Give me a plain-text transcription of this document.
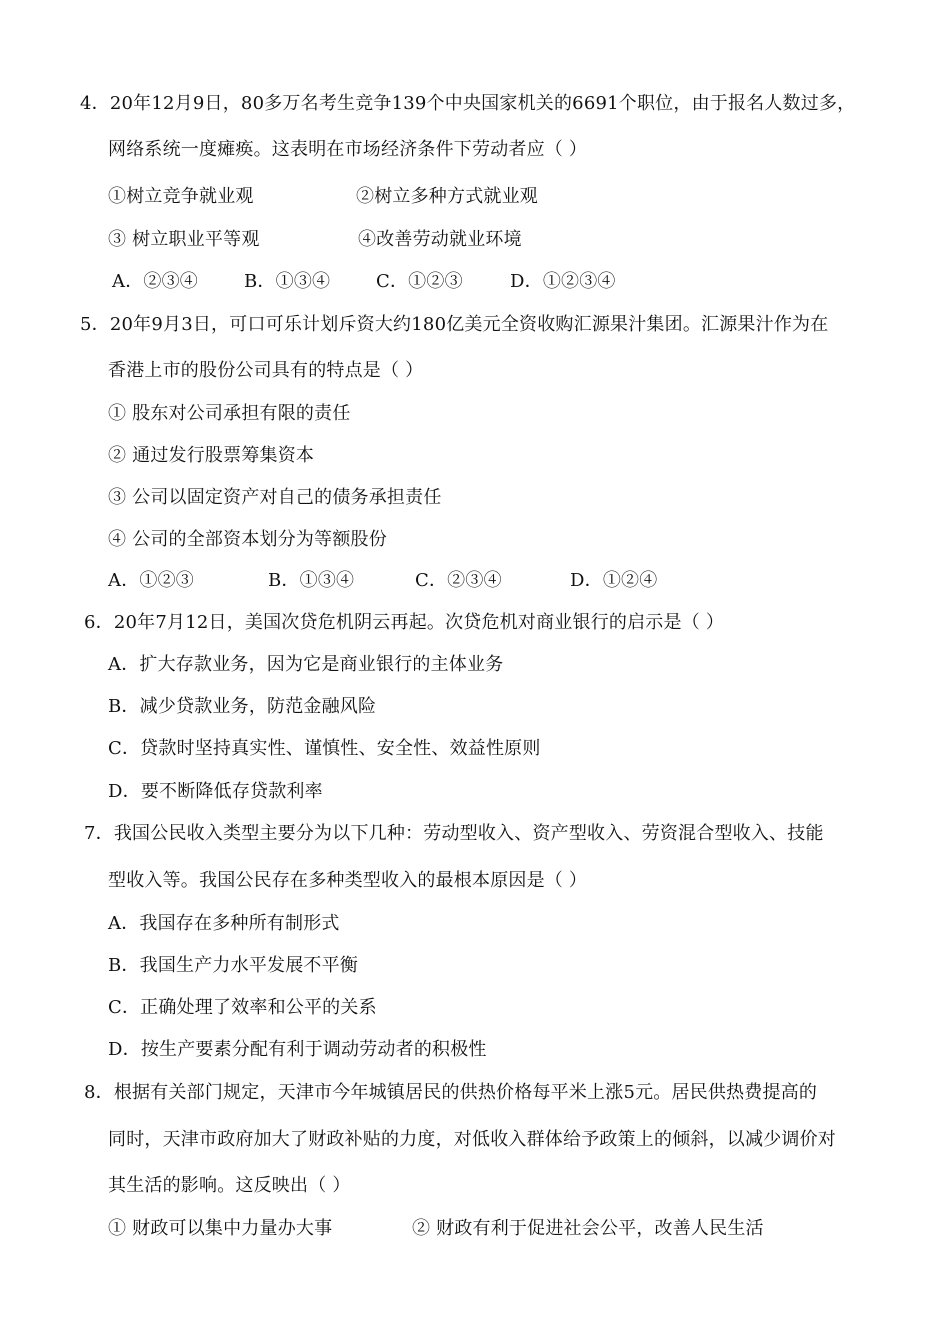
4．20年12月9日，80多万名考生竞争139个中央国家机关的6691个职位，由于报名人数过多，
网络系统一度瘫痪。这表明在市场经济条件下劳动者应（ ）
①树立竞争就业观	②树立多种方式就业观
③ 树立职业平等观	④改善劳动就业环境
A．②③④	B．①③④	C．①②③	D．①②③④
5．20年9月3日，可口可乐计划斥资大约180亿美元全资收购汇源果汁集团。汇源果汁作为在
香港上市的股份公司具有的特点是（ ）
① 股东对公司承担有限的责任
② 通过发行股票筹集资本
③ 公司以固定资产对自己的债务承担责任
④ 公司的全部资本划分为等额股份
A．①②③	B．①③④	C．②③④	D．①②④
6．20年7月12日，美国次贷危机阴云再起。次贷危机对商业银行的启示是（ ）
A．扩大存款业务，因为它是商业银行的主体业务
B．减少贷款业务，防范金融风险
C．贷款时坚持真实性、谨慎性、安全性、效益性原则
D．要不断降低存贷款利率
7．我国公民收入类型主要分为以下几种：劳动型收入、资产型收入、劳资混合型收入、技能
型收入等。我国公民存在多种类型收入的最根本原因是（ ）
A．我国存在多种所有制形式
B．我国生产力水平发展不平衡
C．正确处理了效率和公平的关系
D．按生产要素分配有利于调动劳动者的积极性
8．根据有关部门规定，天津市今年城镇居民的供热价格每平米上涨5元。居民供热费提高的
同时，天津市政府加大了财政补贴的力度，对低收入群体给予政策上的倾斜，以减少调价对
其生活的影响。这反映出（ ）
① 财政可以集中力量办大事	② 财政有利于促进社会公平，改善人民生活
